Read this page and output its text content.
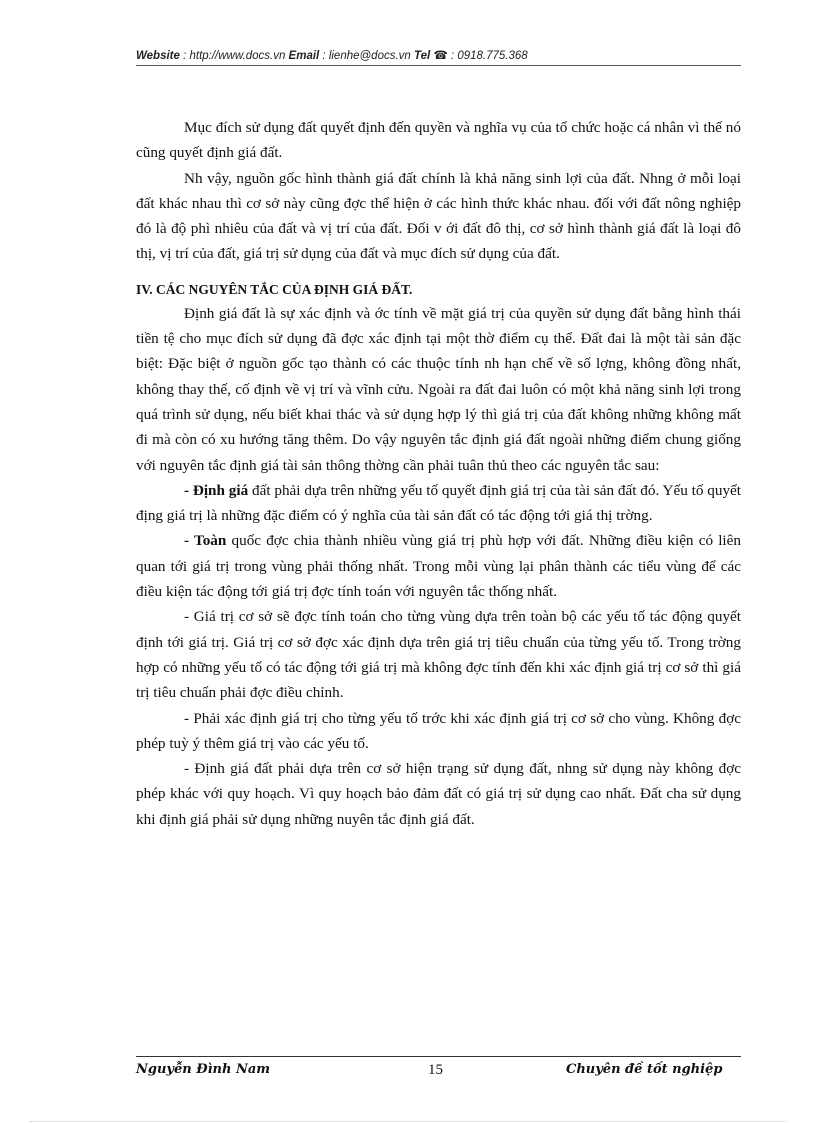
Website : http://www.docs.vn Email : lienhe@docs.vn Tel ☎ : 0918.775.368

Mục đích sử dụng đất quyết định đến quyền và nghĩa vụ của tổ chức hoặc cá nhân vì thế nó cũng quyết định giá đất.

Nh vậy, nguồn gốc hình thành giá đất chính là khả năng sinh lợi của đất. Nhng ở mỗi loại đất khác nhau thì cơ sở này cũng đợc thể hiện ở các hình thức khác nhau. đối với đất nông nghiệp đó là độ phì nhiêu của đất và vị trí của đất. Đối v ới đất đô thị, cơ sở hình thành giá đất là loại đô thị, vị trí của đất, giá trị sử dụng của đất và mục đích sử dụng của đất.

IV. CÁC NGUYÊN TẮC CỦA ĐỊNH GIÁ ĐẤT.

Định giá đất là sự xác định và ớc tính về mặt giá trị của quyền sử dụng đất bằng hình thái tiền tệ cho mục đích sử dụng đã đợc xác định tại một thờ điểm cụ thể. Đất đai là một tài sản đặc biệt: Đặc biệt ở nguồn gốc tạo thành có các thuộc tính nh hạn chế về số lợng, không đồng nhất, không thay thế, cố định về vị trí và vĩnh cửu. Ngoài ra đất đai luôn có một khả năng sinh lợi trong quá trình sử dụng, nếu biết khai thác và sử dụng hợp lý thì giá trị của đất không những không mất đi mà còn có xu hướng tăng thêm. Do vậy nguyên tắc định giá đất ngoài những điểm chung giống với nguyên tắc định giá tài sản thông thờng cần phải tuân thủ theo các nguyên tắc sau:

- Định giá đất phải dựa trên những yếu tố quyết định giá trị của tài sản đất đó. Yếu tố quyết địng giá trị là những đặc điểm có ý nghĩa của tài sản đất có tác động tới giá thị trờng.

- Toàn quốc đợc chia thành nhiều vùng giá trị phù hợp với đất. Những điều kiện có liên quan tới giá trị trong vùng phải thống nhất. Trong mỗi vùng lại phân thành các tiểu vùng để các điều kiện tác động tới giá trị đợc tính toán với nguyên tắc thống nhất.

- Giá trị cơ sở sẽ đợc tính toán cho từng vùng dựa trên toàn bộ các yếu tố tác động quyết định tới giá trị. Giá trị cơ sở đợc xác định dựa trên giá trị tiêu chuẩn của từng yếu tố. Trong trờng hợp có những yếu tố có tác động tới giá trị mà không đợc tính đến khi xác định giá trị cơ sở thì giá trị tiêu chuẩn phải đợc điều chỉnh.

- Phải xác định giá trị cho từng yếu tố trớc khi xác định giá trị cơ sở cho vùng. Không đợc phép tuỳ ý thêm giá trị vào các yếu tố.

- Định giá đất phải dựa trên cơ sở hiện trạng sử dụng đất, nhng sử dụng này không đợc phép khác với quy hoạch. Vì quy hoạch bảo đảm đất có giá trị sử dụng cao nhất. Đất cha sử dụng khi định giá phải sử dụng những nuyên tắc định giá đất.

Nguyễn Đình Nam	15	Chuyên đề tốt nghiệp
